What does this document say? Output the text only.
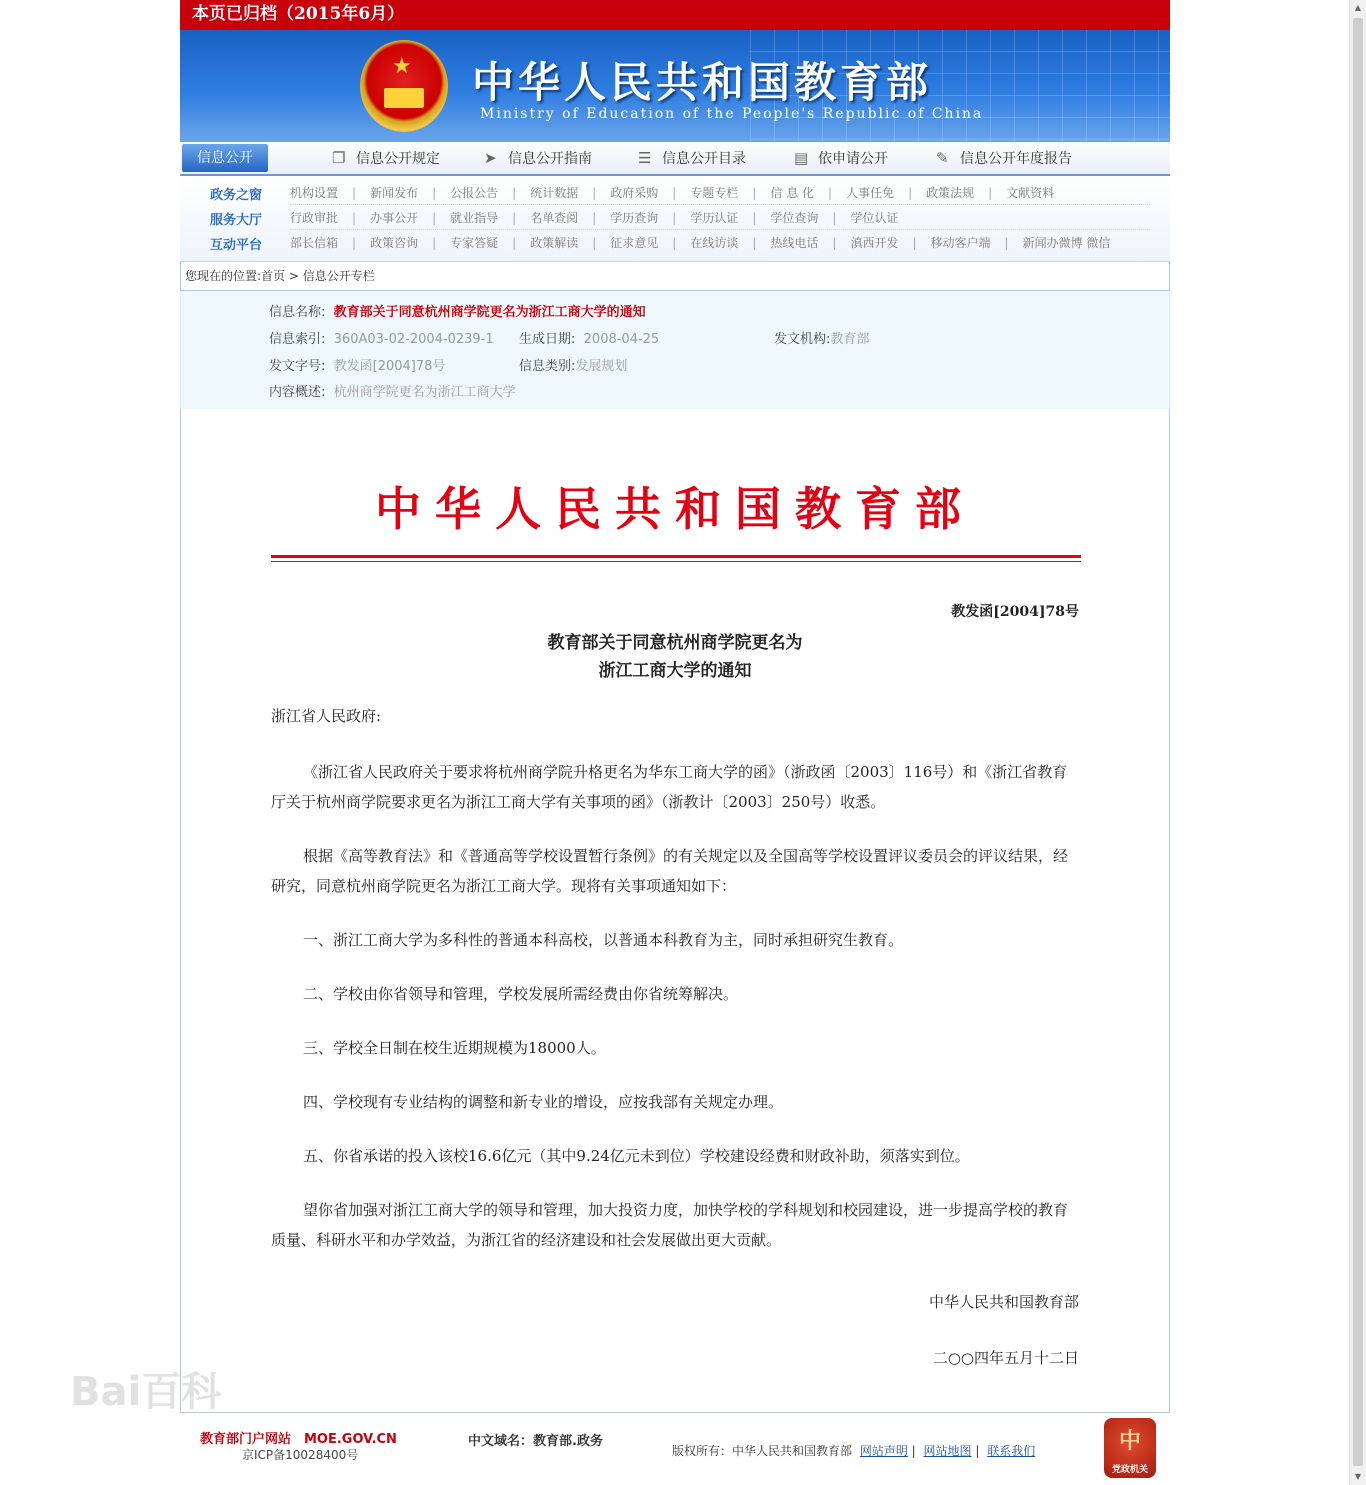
▲
▼
本页已归档（2015年6月）
★ 中华人民共和国教育部
Ministry of Education of the People's Republic of China
信息公开	❐ 信息公开规定	➤ 信息公开指南	☰ 信息公开目录	▤ 依申请公开	✎ 信息公开年度报告
政务之窗 机构设置 | 新闻发布 | 公报公告 | 统计数据 | 政府采购 | 专题专栏 | 信 息 化 | 人事任免 | 政策法规 | 文献资料
服务大厅 行政审批 | 办事公开 | 就业指导 | 名单查阅 | 学历查询 | 学历认证 | 学位查询 | 学位认证
互动平台 部长信箱 | 政策咨询 | 专家答疑 | 政策解读 | 征求意见 | 在线访谈 | 热线电话 | 滇西开发 | 移动客户端 | 新闻办微博 微信
您现在的位置:首页 > 信息公开专栏
信息名称: 教育部关于同意杭州商学院更名为浙江工商大学的通知
信息索引: 360A03-02-2004-0239-1 生成日期: 2008-04-25	发文机构:教育部
发文字号: 教发函[2004]78号	信息类别:发展规划
内容概述: 杭州商学院更名为浙江工商大学
中华人民共和国教育部
教发函[2004]78号
教育部关于同意杭州商学院更名为
浙江工商大学的通知

浙江省人民政府:

《浙江省人民政府关于要求将杭州商学院升格更名为华东工商大学的函》（浙政函〔2003〕116号）和《浙江省教育厅关于杭州商学院要求更名为浙江工商大学有关事项的函》（浙教计〔2003〕250号）收悉。

根据《高等教育法》和《普通高等学校设置暂行条例》的有关规定以及全国高等学校设置评议委员会的评议结果，经研究，同意杭州商学院更名为浙江工商大学。现将有关事项通知如下：

一、浙江工商大学为多科性的普通本科高校，以普通本科教育为主，同时承担研究生教育。

二、学校由你省领导和管理，学校发展所需经费由你省统筹解决。

三、学校全日制在校生近期规模为18000人。

四、学校现有专业结构的调整和新专业的增设，应按我部有关规定办理。

五、你省承诺的投入该校16.6亿元（其中9.24亿元未到位）学校建设经费和财政补助，须落实到位。

望你省加强对浙江工商大学的领导和管理，加大投资力度，加快学校的学科规划和校园建设，进一步提高学校的教育质量、科研水平和办学效益，为浙江省的经济建设和社会发展做出更大贡献。

中华人民共和国教育部
二○○四年五月十二日
Bai百科
教育部门户网站　MOE.GOV.CN
京ICP备10028400号
中文域名：教育部.政务
版权所有：中华人民共和国教育部 网站声明 | 网站地图 | 联系我们	中
党政机关
